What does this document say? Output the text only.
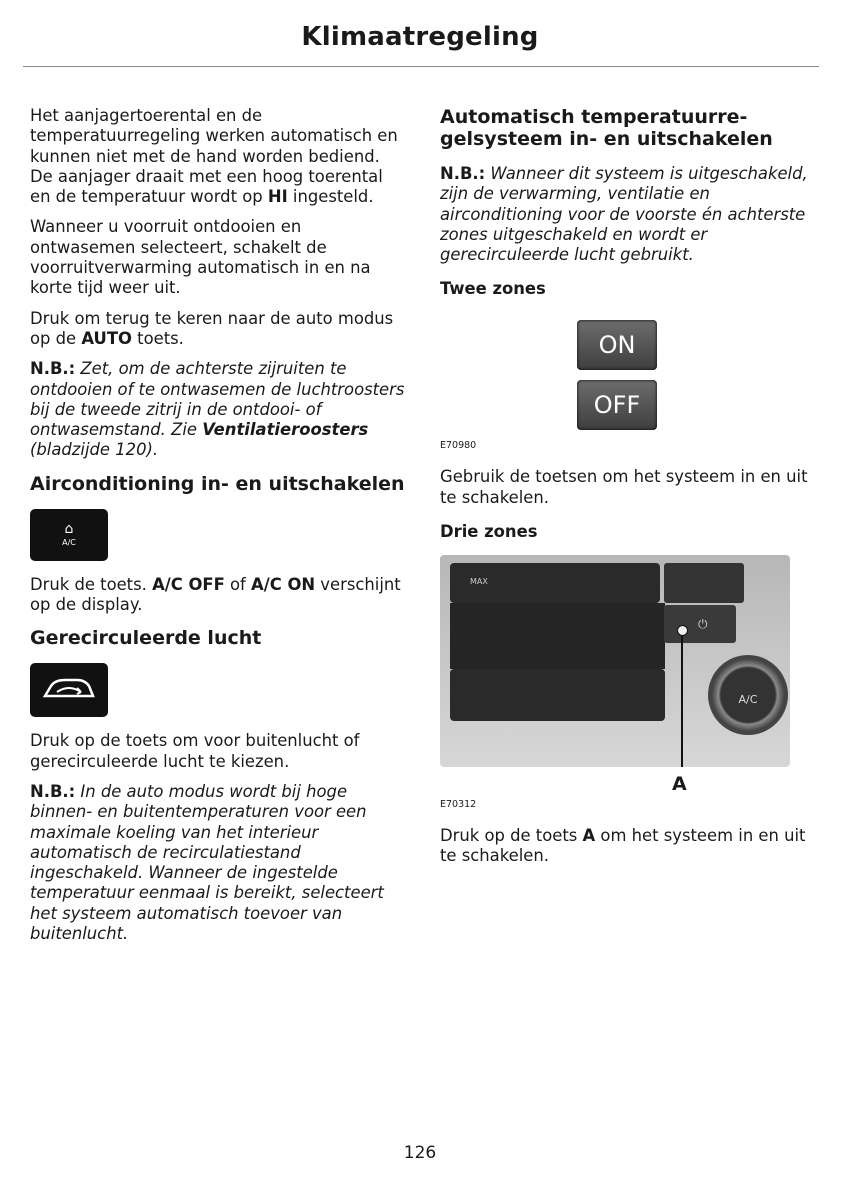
Klimaatregeling

Het aanjagertoerental en de temperatuurregeling werken automatisch en kunnen niet met de hand worden bediend. De aanjager draait met een hoog toerental en de temperatuur wordt op HI ingesteld.

Wanneer u voorruit ontdooien en ontwasemen selecteert, schakelt de voorruitverwarming automatisch in en na korte tijd weer uit.

Druk om terug te keren naar de auto modus op de AUTO toets.

N.B.: Zet, om de achterste zijruiten te ontdooien of te ontwasemen de luchtroosters bij de tweede zitrij in de ontdooi- of ontwasemstand. Zie Ventilatieroosters (bladzijde 120).

Airconditioning in- en uitschakelen
⌂
A/C

Druk de toets. A/C OFF of A/C ON verschijnt op de display.

Gerecirculeerde lucht

Druk op de toets om voor buitenlucht of gerecirculeerde lucht te kiezen.

N.B.: In de auto modus wordt bij hoge binnen- en buitentemperaturen voor een maximale koeling van het interieur automatisch de recirculatiestand ingeschakeld. Wanneer de ingestelde temperatuur eenmaal is bereikt, selecteert het systeem automatisch toevoer van buitenlucht.

Automatisch temperatuurre-gelsysteem in- en uitschakelen

N.B.: Wanneer dit systeem is uitgeschakeld, zijn de verwarming, ventilatie en airconditioning voor de voorste én achterste zones uitgeschakeld en wordt er gerecirculeerde lucht gebruikt.

Twee zones
ON
OFF
E70980

Gebruik de toetsen om het systeem in en uit te schakelen.

Drie zones
MAX
⏻
A/C
A
E70312

Druk op de toets A om het systeem in en uit te schakelen.

126
